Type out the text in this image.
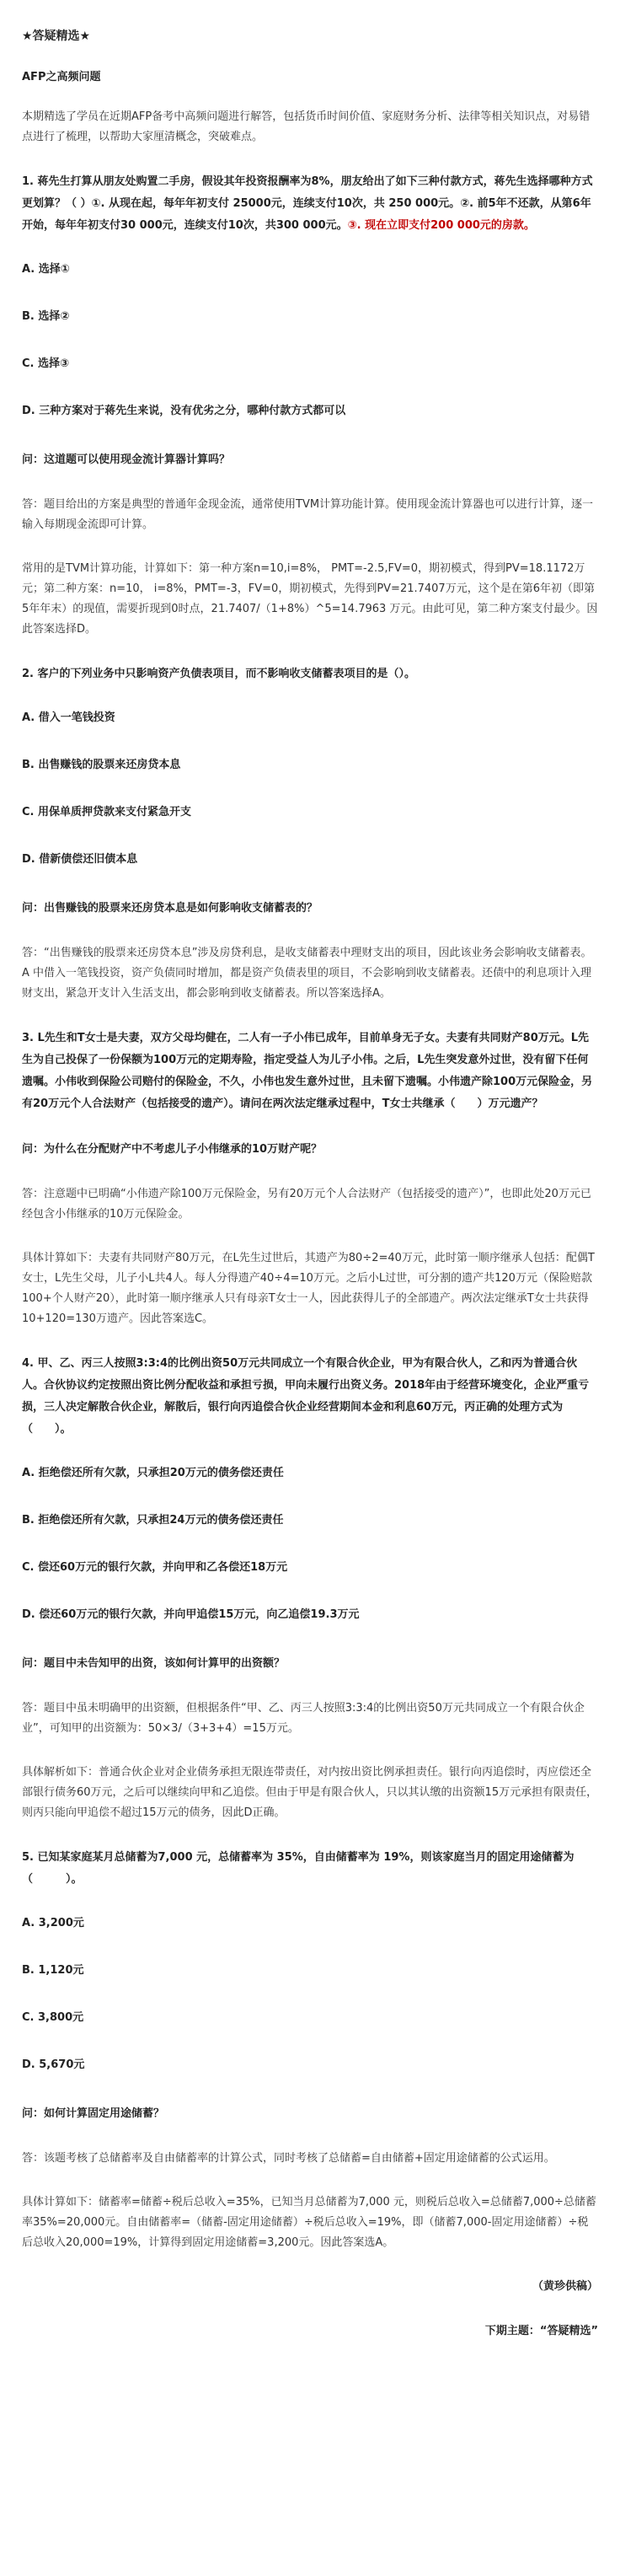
★答疑精选★
AFP之高频问题
本期精选了学员在近期AFP备考中高频问题进行解答，包括货币时间价值、家庭财务分析、法律等相关知识点，对易错点进行了梳理，以帮助大家厘清概念，突破难点。
1. 蒋先生打算从朋友处购置二手房，假设其年投资报酬率为8%，朋友给出了如下三种付款方式，蒋先生选择哪种方式更划算？（ ）①. 从现在起，每年年初支付 25000元，连续支付10次，共 250 000元。②. 前5年不还款，从第6年开始，每年年初支付30 000元，连续支付10次，共300 000元。③. 现在立即支付200 000元的房款。
A. 选择①
B. 选择②
C. 选择③
D. 三种方案对于蒋先生来说，没有优劣之分，哪种付款方式都可以
问：这道题可以使用现金流计算器计算吗？
答：题目给出的方案是典型的普通年金现金流，通常使用TVM计算功能计算。使用现金流计算器也可以进行计算，逐一输入每期现金流即可计算。
常用的是TVM计算功能，计算如下：第一种方案n=10,i=8%， PMT=-2.5,FV=0，期初模式，得到PV=18.1172万元；第二种方案：n=10， i=8%，PMT=-3，FV=0，期初模式，先得到PV=21.7407万元，这个是在第6年初（即第5年年末）的现值，需要折现到0时点，21.7407/（1+8%）^5=14.7963 万元。由此可见，第二种方案支付最少。因此答案选择D。
2. 客户的下列业务中只影响资产负债表项目，而不影响收支储蓄表项目的是（）。
A. 借入一笔钱投资
B. 出售赚钱的股票来还房贷本息
C. 用保单质押贷款来支付紧急开支
D. 借新债偿还旧债本息
问：出售赚钱的股票来还房贷本息是如何影响收支储蓄表的？
答：“出售赚钱的股票来还房贷本息”涉及房贷利息，是收支储蓄表中理财支出的项目，因此该业务会影响收支储蓄表。A 中借入一笔钱投资，资产负债同时增加，都是资产负债表里的项目，不会影响到收支储蓄表。还债中的利息项计入理财支出，紧急开支计入生活支出，都会影响到收支储蓄表。所以答案选择A。
3. L先生和T女士是夫妻，双方父母均健在，二人有一子小伟已成年，目前单身无子女。夫妻有共同财产80万元。L先生为自己投保了一份保额为100万元的定期寿险，指定受益人为儿子小伟。之后，L先生突发意外过世，没有留下任何遗嘱。小伟收到保险公司赔付的保险金，不久，小伟也发生意外过世，且未留下遗嘱。小伟遗产除100万元保险金，另有20万元个人合法财产（包括接受的遗产）。请问在两次法定继承过程中，T女士共继承（　　）万元遗产？
问：为什么在分配财产中不考虑儿子小伟继承的10万财产呢？
答：注意题中已明确“小伟遗产除100万元保险金，另有20万元个人合法财产（包括接受的遗产）”，也即此处20万元已经包含小伟继承的10万元保险金。
具体计算如下：夫妻有共同财产80万元，在L先生过世后，其遗产为80÷2=40万元，此时第一顺序继承人包括：配偶T女士，L先生父母，儿子小L共4人。每人分得遗产40÷4=10万元。之后小L过世，可分割的遗产共120万元（保险赔款100+个人财产20），此时第一顺序继承人只有母亲T女士一人，因此获得儿子的全部遗产。两次法定继承T女士共获得10+120=130万遗产。因此答案选C。
4. 甲、乙、丙三人按照3:3:4的比例出资50万元共同成立一个有限合伙企业，甲为有限合伙人，乙和丙为普通合伙人。合伙协议约定按照出资比例分配收益和承担亏损，甲向未履行出资义务。2018年由于经营环境变化，企业严重亏损，三人决定解散合伙企业，解散后，银行向丙追偿合伙企业经营期间本金和利息60万元，丙正确的处理方式为（　　）。
A. 拒绝偿还所有欠款，只承担20万元的债务偿还责任
B. 拒绝偿还所有欠款，只承担24万元的债务偿还责任
C. 偿还60万元的银行欠款，并向甲和乙各偿还18万元
D. 偿还60万元的银行欠款，并向甲追偿15万元，向乙追偿19.3万元
问：题目中未告知甲的出资，该如何计算甲的出资额？
答：题目中虽未明确甲的出资额，但根据条件“甲、乙、丙三人按照3:3:4的比例出资50万元共同成立一个有限合伙企业”，可知甲的出资额为：50×3/（3+3+4）=15万元。
具体解析如下：普通合伙企业对企业债务承担无限连带责任，对内按出资比例承担责任。银行向丙追偿时，丙应偿还全部银行债务60万元，之后可以继续向甲和乙追偿。但由于甲是有限合伙人，只以其认缴的出资额15万元承担有限责任，则丙只能向甲追偿不超过15万元的债务，因此D正确。
5. 已知某家庭某月总储蓄为7,000 元，总储蓄率为 35%，自由储蓄率为 19%，则该家庭当月的固定用途储蓄为（　　　）。
A. 3,200元
B. 1,120元
C. 3,800元
D. 5,670元
问：如何计算固定用途储蓄？
答：该题考核了总储蓄率及自由储蓄率的计算公式，同时考核了总储蓄=自由储蓄+固定用途储蓄的公式运用。
具体计算如下：储蓄率=储蓄÷税后总收入=35%，已知当月总储蓄为7,000 元，则税后总收入=总储蓄7,000÷总储蓄率35%=20,000元。自由储蓄率=（储蓄-固定用途储蓄）÷税后总收入=19%，即（储蓄7,000-固定用途储蓄）÷税后总收入20,000=19%，计算得到固定用途储蓄=3,200元。因此答案选A。
（黄珍供稿）
下期主题：“答疑精选”
